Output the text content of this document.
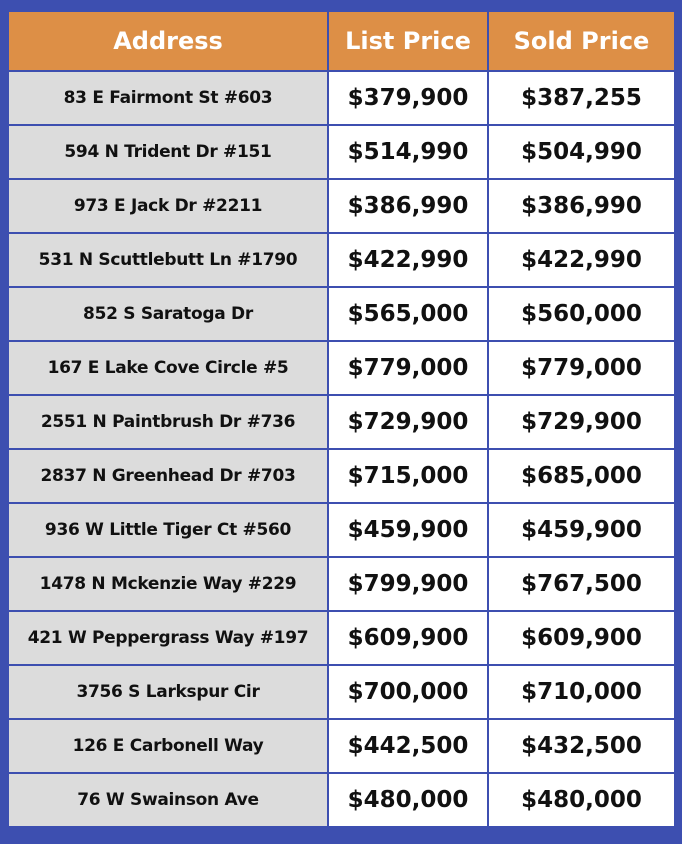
Address	List Price	Sold Price
83 E Fairmont St #603	$379,900	$387,255
594 N Trident Dr #151	$514,990	$504,990
973 E Jack Dr #2211	$386,990	$386,990
531 N Scuttlebutt Ln #1790	$422,990	$422,990
852 S Saratoga Dr	$565,000	$560,000
167 E Lake Cove Circle #5	$779,000	$779,000
2551 N Paintbrush Dr #736	$729,900	$729,900
2837 N Greenhead Dr #703	$715,000	$685,000
936 W Little Tiger Ct #560	$459,900	$459,900
1478 N Mckenzie Way #229	$799,900	$767,500
421 W Peppergrass Way #197	$609,900	$609,900
3756 S Larkspur Cir	$700,000	$710,000
126 E Carbonell Way	$442,500	$432,500
76 W Swainson Ave	$480,000	$480,000
